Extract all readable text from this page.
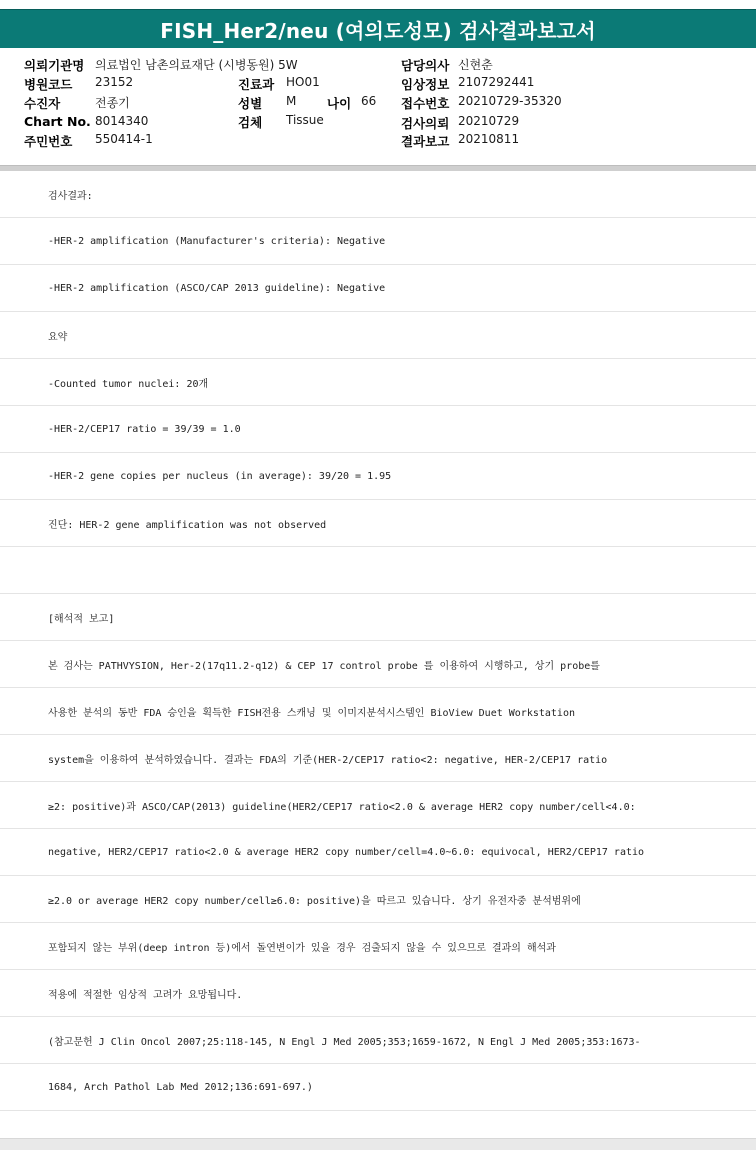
FISH_Her2/neu (여의도성모) 검사결과보고서
의뢰기관명 의료법인 남촌의료재단 (시병동원) 5W
병원코드 23152
수진자	전종기
Chart No. 8014340
주민번호 550414-1
진료과 HO01
성별 M 나이 66
검체 Tissue
담당의사 신현춘
임상정보 2107292441
접수번호 20210729-35320
검사의뢰 20210729
결과보고 20210811
검사결과:
-HER-2 amplification (Manufacturer's criteria): Negative
-HER-2 amplification (ASCO/CAP 2013 guideline): Negative
요약
-Counted tumor nuclei: 20개
-HER-2/CEP17 ratio = 39/39 = 1.0
-HER-2 gene copies per nucleus (in average): 39/20 = 1.95
진단: HER-2 gene amplification was not observed
[해석적 보고]
본 검사는 PATHVYSION, Her-2(17q11.2-q12) & CEP 17 control probe 를 이용하여 시행하고, 상기 probe를
사용한 분석의 동반 FDA 승인을 획득한 FISH전용 스캐닝 및 이미지분석시스템인 BioView Duet Workstation
system을 이용하여 분석하였습니다. 결과는 FDA의 기준(HER-2/CEP17 ratio<2: negative, HER-2/CEP17 ratio
≥2: positive)과 ASCO/CAP(2013) guideline(HER2/CEP17 ratio<2.0 & average HER2 copy number/cell<4.0:
negative, HER2/CEP17 ratio<2.0 & average HER2 copy number/cell=4.0~6.0: equivocal, HER2/CEP17 ratio
≥2.0 or average HER2 copy number/cell≥6.0: positive)을 따르고 있습니다. 상기 유전자중 분석범위에
포함되지 않는 부위(deep intron 등)에서 돌연변이가 있을 경우 검출되지 않을 수 있으므로 결과의 해석과
적용에 적절한 임상적 고려가 요망됩니다.
(참고문헌 J Clin Oncol 2007;25:118-145, N Engl J Med 2005;353;1659-1672, N Engl J Med 2005;353:1673-
1684, Arch Pathol Lab Med 2012;136:691-697.)
